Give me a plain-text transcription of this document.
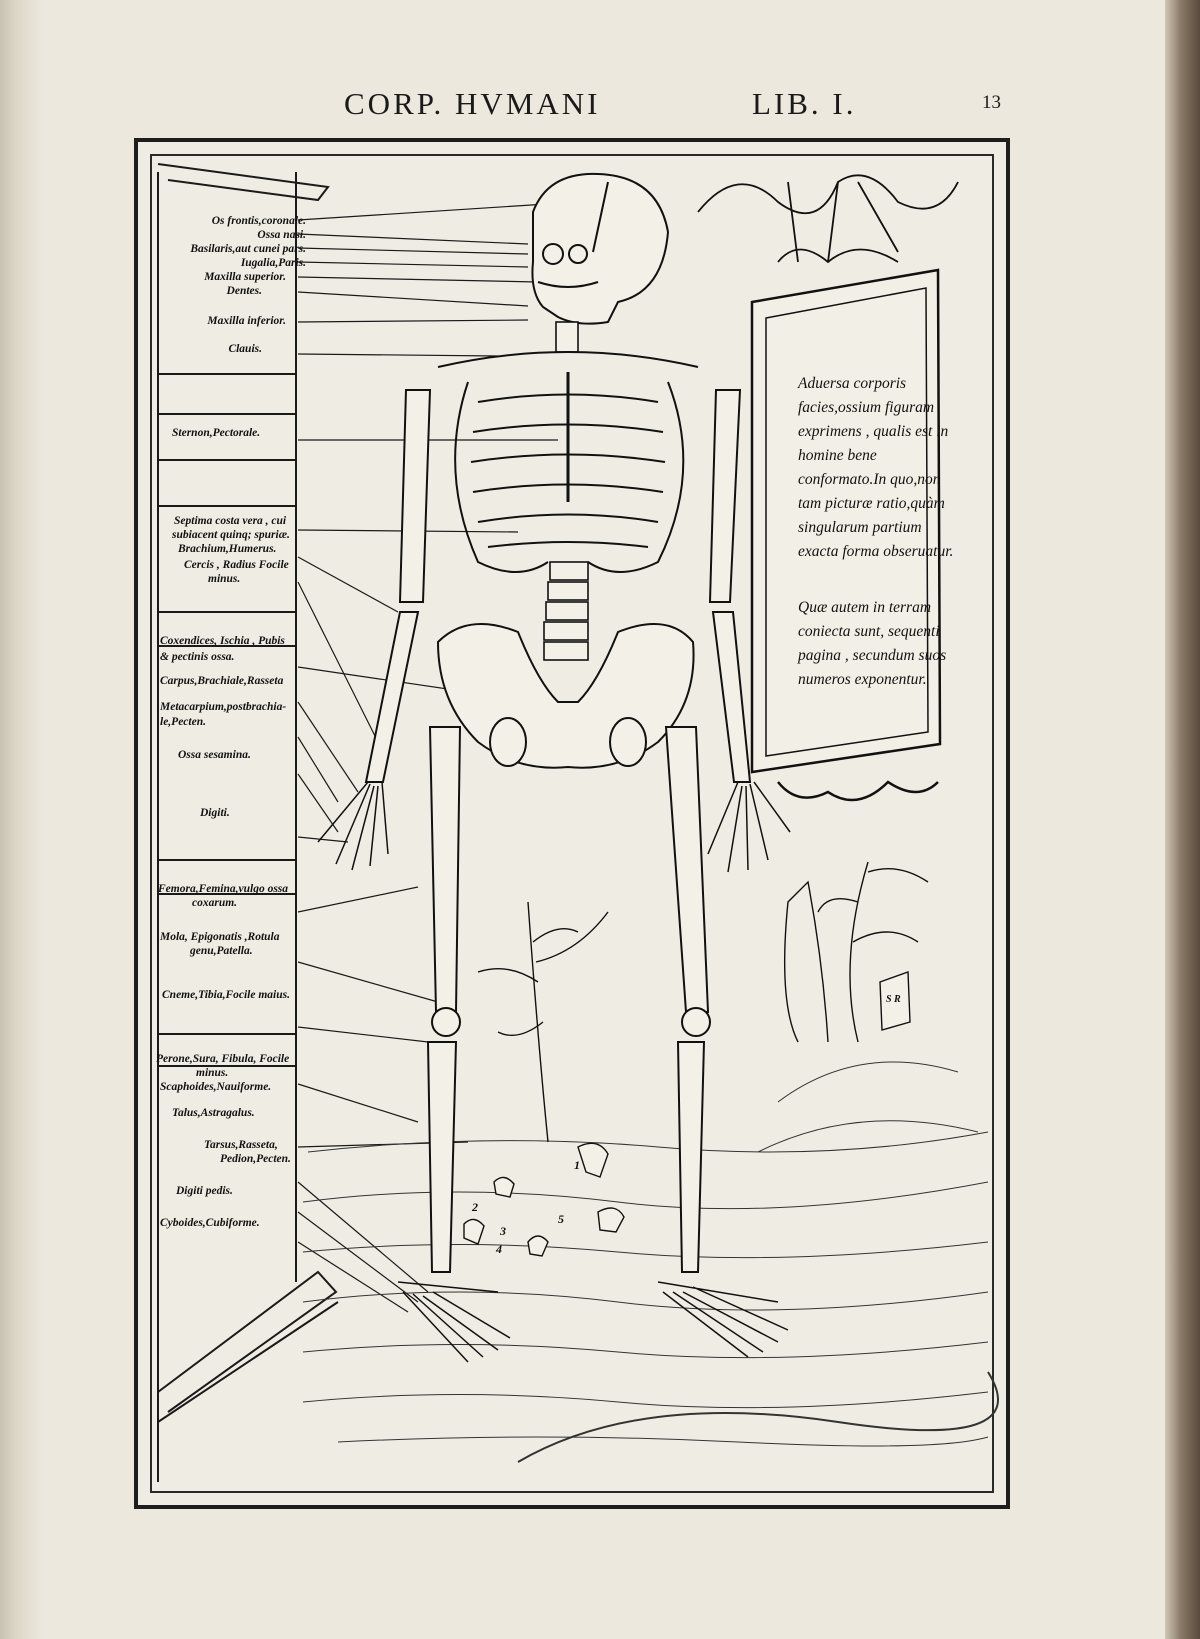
CORP. HVMANI	LIB. I.	13
Os frontis,coronale.
Ossa nasi.
Basilaris,aut cunei pars.
Iugalia,Paris.
Maxilla superior.
Dentes.
Maxilla inferior.
Clauis.
Sternon,Pectorale.
Septima costa vera , cui
subiacent quinq; spuriæ.
Brachium,Humerus.
Cercis , Radius Focile
minus.
Coxendices, Ischia , Pubis
& pectinis ossa.
Carpus,Brachiale,Rasseta
Metacarpium,postbrachia-
le,Pecten.
Ossa sesamina.
Digiti.
Femora,Femina,vulgo ossa
coxarum.
Mola, Epigonatis ,Rotula
genu,Patella.
Cneme,Tibia,Focile maius.
Perone,Sura, Fibula, Focile
minus.
Scaphoides,Nauiforme.
Talus,Astragalus.
Tarsus,Rasseta,
Pedion,Pecten.
Digiti pedis.
Cyboides,Cubiforme.
1
2
3
4
5
S R

Aduersa corporis facies,ossium figuram exprimens , qualis est in homine bene conformato.In quo,non tam picturæ ratio,quàm singularum partium exacta forma obseruatur.

Quæ autem in terram coniecta sunt, sequenti pagina , secundum suos numeros exponentur.
